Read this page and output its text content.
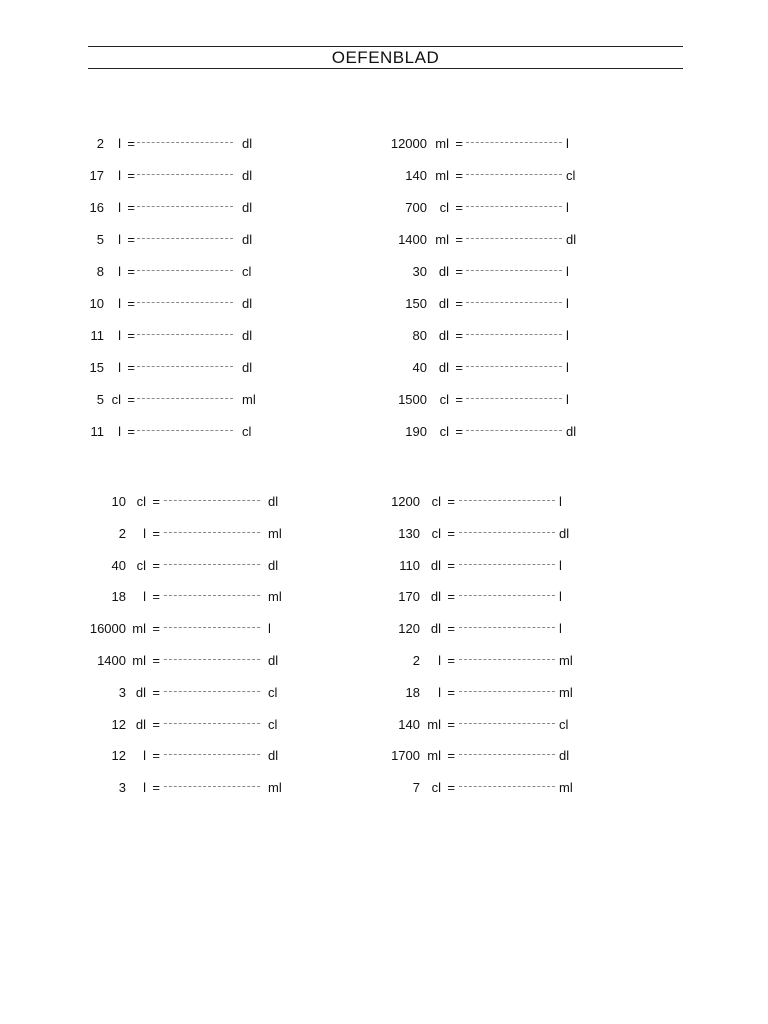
OEFENBLAD
2 l =	dl
17 l =	dl
16 l =	dl
5 l =	dl
8 l =	cl
10 l =	dl
11 l =	dl
15 l =	dl
5 cl =	ml
11 l =	cl
12000 ml =	l
140 ml =	cl
700 cl =	l
1400 ml =	dl
30 dl =	l
150 dl =	l
80 dl =	l
40 dl =	l
1500 cl =	l
190 cl =	dl
10 cl =	dl
2 l =	ml
40 cl =	dl
18 l =	ml
16000 ml =	l
1400 ml =	dl
3 dl =	cl
12 dl =	cl
12 l =	dl
3 l =	ml
1200 cl =	l
130 cl =	dl
110 dl =	l
170 dl =	l
120 dl =	l
2 l =	ml
18 l =	ml
140 ml =	cl
1700 ml =	dl
7 cl =	ml
